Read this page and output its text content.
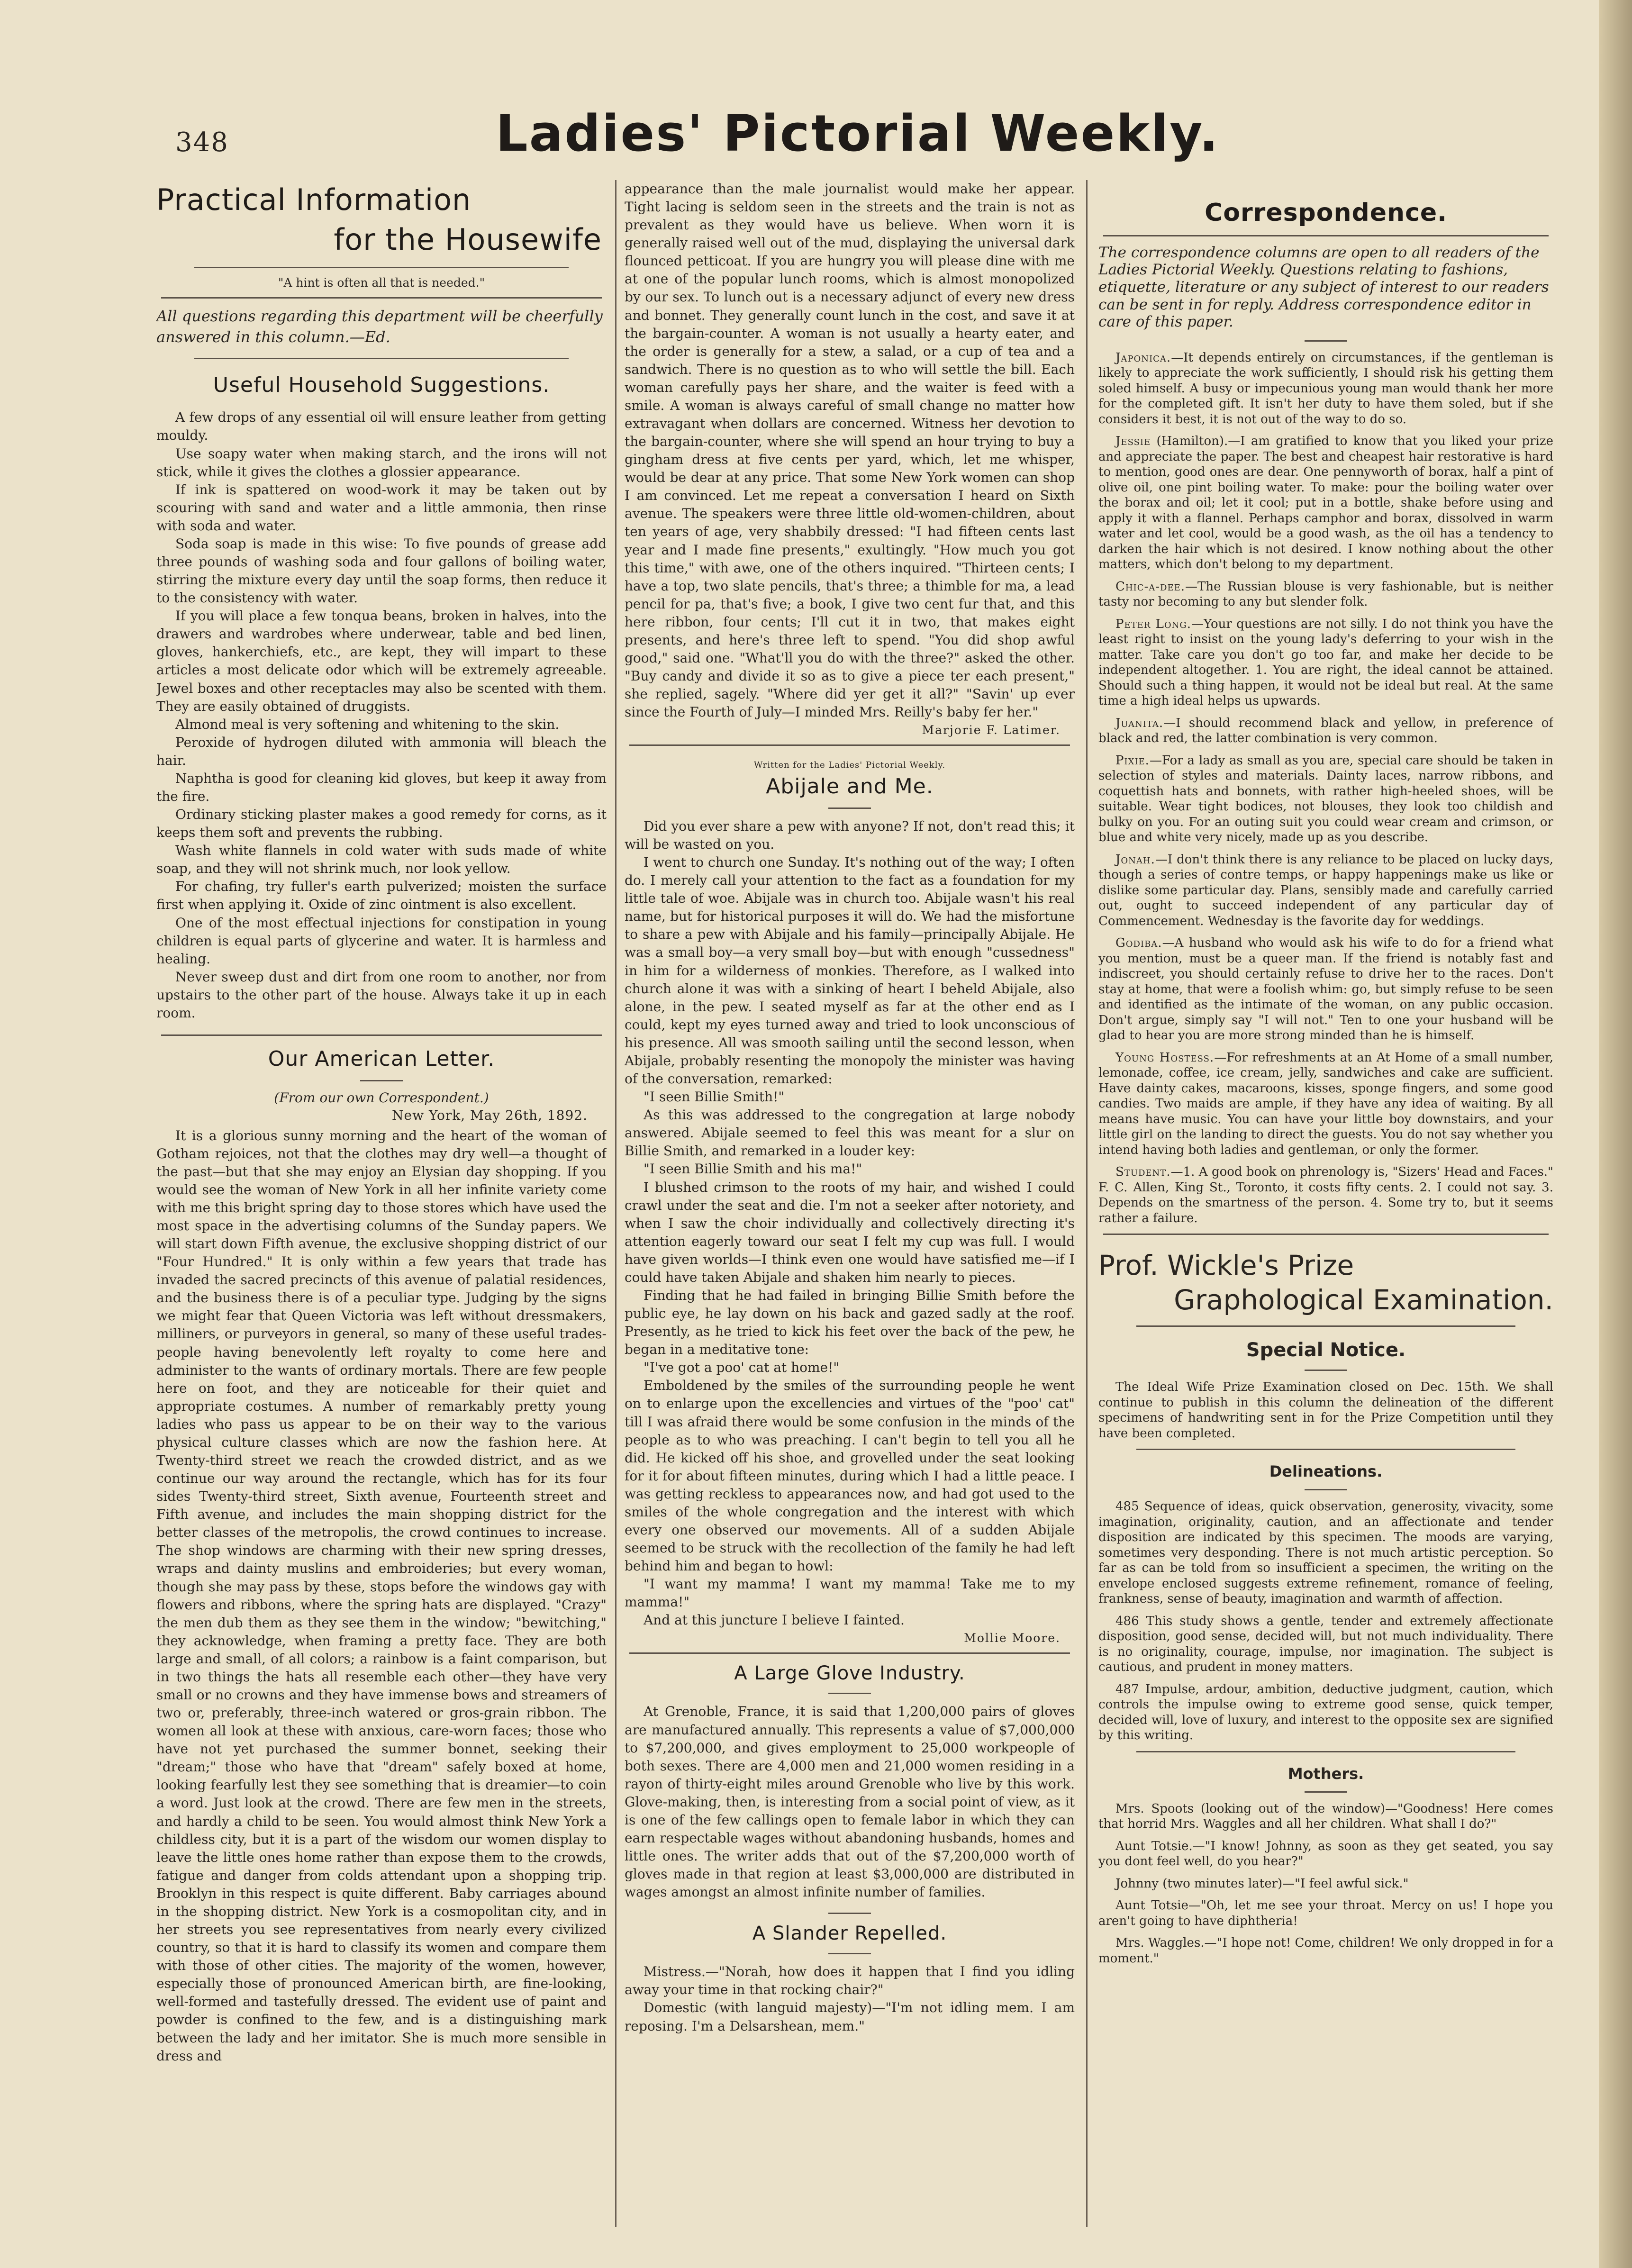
348	Ladies' Pictorial Weekly.
Practical Information
for the Housewife
"A hint is often all that is needed."
All questions regarding this department will be cheerfully answered in this column.—Ed.
Useful Household Suggestions.

A few drops of any essential oil will ensure leather from getting mouldy.

Use soapy water when making starch, and the irons will not stick, while it gives the clothes a glossier appearance.

If ink is spattered on wood-work it may be taken out by scouring with sand and water and a little ammonia, then rinse with soda and water.

Soda soap is made in this wise: To five pounds of grease add three pounds of washing soda and four gallons of boiling water, stirring the mixture every day until the soap forms, then reduce it to the consistency with water.

If you will place a few tonqua beans, broken in halves, into the drawers and wardrobes where underwear, table and bed linen, gloves, hankerchiefs, etc., are kept, they will impart to these articles a most delicate odor which will be extremely agreeable. Jewel boxes and other receptacles may also be scented with them. They are easily obtained of druggists.

Almond meal is very softening and whitening to the skin.

Peroxide of hydrogen diluted with ammonia will bleach the hair.

Naphtha is good for cleaning kid gloves, but keep it away from the fire.

Ordinary sticking plaster makes a good remedy for corns, as it keeps them soft and prevents the rubbing.

Wash white flannels in cold water with suds made of white soap, and they will not shrink much, nor look yellow.

For chafing, try fuller's earth pulverized; moisten the surface first when applying it. Oxide of zinc ointment is also excellent.

One of the most effectual injections for constipation in young children is equal parts of glycerine and water. It is harmless and healing.

Never sweep dust and dirt from one room to another, nor from upstairs to the other part of the house. Always take it up in each room.

Our American Letter.
(From our own Correspondent.)
New York, May 26th, 1892.

It is a glorious sunny morning and the heart of the woman of Gotham rejoices, not that the clothes may dry well—a thought of the past—but that she may enjoy an Elysian day shopping. If you would see the woman of New York in all her infinite variety come with me this bright spring day to those stores which have used the most space in the advertising columns of the Sunday papers. We will start down Fifth avenue, the exclusive shopping district of our "Four Hundred." It is only within a few years that trade has invaded the sacred precincts of this avenue of palatial residences, and the business there is of a peculiar type. Judging by the signs we might fear that Queen Victoria was left without dressmakers, milliners, or purveyors in general, so many of these useful trades-people having benevolently left royalty to come here and administer to the wants of ordinary mortals. There are few people here on foot, and they are noticeable for their quiet and appropriate costumes. A number of remarkably pretty young ladies who pass us appear to be on their way to the various physical culture classes which are now the fashion here. At Twenty-third street we reach the crowded district, and as we continue our way around the rectangle, which has for its four sides Twenty-third street, Sixth avenue, Fourteenth street and Fifth avenue, and includes the main shopping district for the better classes of the metropolis, the crowd continues to increase. The shop windows are charming with their new spring dresses, wraps and dainty muslins and embroideries; but every woman, though she may pass by these, stops before the windows gay with flowers and ribbons, where the spring hats are displayed. "Crazy" the men dub them as they see them in the window; "bewitching," they acknowledge, when framing a pretty face. They are both large and small, of all colors; a rainbow is a faint comparison, but in two things the hats all resemble each other—they have very small or no crowns and they have immense bows and streamers of two or, preferably, three-inch watered or gros-grain ribbon. The women all look at these with anxious, care-worn faces; those who have not yet purchased the summer bonnet, seeking their "dream;" those who have that "dream" safely boxed at home, looking fearfully lest they see something that is dreamier—to coin a word. Just look at the crowd. There are few men in the streets, and hardly a child to be seen. You would almost think New York a childless city, but it is a part of the wisdom our women display to leave the little ones home rather than expose them to the crowds, fatigue and danger from colds attendant upon a shopping trip. Brooklyn in this respect is quite different. Baby carriages abound in the shopping district. New York is a cosmopolitan city, and in her streets you see representatives from nearly every civilized country, so that it is hard to classify its women and compare them with those of other cities. The majority of the women, however, especially those of pronounced American birth, are fine-looking, well-formed and tastefully dressed. The evident use of paint and powder is confined to the few, and is a distinguishing mark between the lady and her imitator. She is much more sensible in dress and

appearance than the male journalist would make her appear. Tight lacing is seldom seen in the streets and the train is not as prevalent as they would have us believe. When worn it is generally raised well out of the mud, displaying the universal dark flounced petticoat. If you are hungry you will please dine with me at one of the popular lunch rooms, which is almost monopolized by our sex. To lunch out is a necessary adjunct of every new dress and bonnet. They generally count lunch in the cost, and save it at the bargain-counter. A woman is not usually a hearty eater, and the order is generally for a stew, a salad, or a cup of tea and a sandwich. There is no question as to who will settle the bill. Each woman carefully pays her share, and the waiter is feed with a smile. A woman is always careful of small change no matter how extravagant when dollars are concerned. Witness her devotion to the bargain-counter, where she will spend an hour trying to buy a gingham dress at five cents per yard, which, let me whisper, would be dear at any price. That some New York women can shop I am convinced. Let me repeat a conversation I heard on Sixth avenue. The speakers were three little old-women-children, about ten years of age, very shabbily dressed: "I had fifteen cents last year and I made fine presents," exultingly. "How much you got this time," with awe, one of the others inquired. "Thirteen cents; I have a top, two slate pencils, that's three; a thimble for ma, a lead pencil for pa, that's five; a book, I give two cent fur that, and this here ribbon, four cents; I'll cut it in two, that makes eight presents, and here's three left to spend. "You did shop awful good," said one. "What'll you do with the three?" asked the other. "Buy candy and divide it so as to give a piece ter each present," she replied, sagely. "Where did yer get it all?" "Savin' up ever since the Fourth of July—I minded Mrs. Reilly's baby fer her."

Marjorie F. Latimer.
Written for the Ladies' Pictorial Weekly.
Abijale and Me.

Did you ever share a pew with anyone? If not, don't read this; it will be wasted on you.

I went to church one Sunday. It's nothing out of the way; I often do. I merely call your attention to the fact as a foundation for my little tale of woe. Abijale was in church too. Abijale wasn't his real name, but for historical purposes it will do. We had the misfortune to share a pew with Abijale and his family—principally Abijale. He was a small boy—a very small boy—but with enough "cussedness" in him for a wilderness of monkies. Therefore, as I walked into church alone it was with a sinking of heart I beheld Abijale, also alone, in the pew. I seated myself as far at the other end as I could, kept my eyes turned away and tried to look unconscious of his presence. All was smooth sailing until the second lesson, when Abijale, probably resenting the monopoly the minister was having of the conversation, remarked:

"I seen Billie Smith!"

As this was addressed to the congregation at large nobody answered. Abijale seemed to feel this was meant for a slur on Billie Smith, and remarked in a louder key:

"I seen Billie Smith and his ma!"

I blushed crimson to the roots of my hair, and wished I could crawl under the seat and die. I'm not a seeker after notoriety, and when I saw the choir individually and collectively directing it's attention eagerly toward our seat I felt my cup was full. I would have given worlds—I think even one would have satisfied me—if I could have taken Abijale and shaken him nearly to pieces.

Finding that he had failed in bringing Billie Smith before the public eye, he lay down on his back and gazed sadly at the roof. Presently, as he tried to kick his feet over the back of the pew, he began in a meditative tone:

"I've got a poo' cat at home!"

Emboldened by the smiles of the surrounding people he went on to enlarge upon the excellencies and virtues of the "poo' cat" till I was afraid there would be some confusion in the minds of the people as to who was preaching. I can't begin to tell you all he did. He kicked off his shoe, and grovelled under the seat looking for it for about fifteen minutes, during which I had a little peace. I was getting reckless to appearances now, and had got used to the smiles of the whole congregation and the interest with which every one observed our movements. All of a sudden Abijale seemed to be struck with the recollection of the family he had left behind him and began to howl:

"I want my mamma! I want my mamma! Take me to my mamma!"

And at this juncture I believe I fainted.

Mollie Moore.
A Large Glove Industry.

At Grenoble, France, it is said that 1,200,000 pairs of gloves are manufactured annually. This represents a value of $7,000,000 to $7,200,000, and gives employment to 25,000 workpeople of both sexes. There are 4,000 men and 21,000 women residing in a rayon of thirty-eight miles around Grenoble who live by this work. Glove-making, then, is interesting from a social point of view, as it is one of the few callings open to female labor in which they can earn respectable wages without abandoning husbands, homes and little ones. The writer adds that out of the $7,200,000 worth of gloves made in that region at least $3,000,000 are distributed in wages amongst an almost infinite number of families.

A Slander Repelled.

Mistress.—"Norah, how does it happen that I find you idling away your time in that rocking chair?"

Domestic (with languid majesty)—"I'm not idling mem. I am reposing. I'm a Delsarshean, mem."

Correspondence.
The correspondence columns are open to all readers of the Ladies Pictorial Weekly. Questions relating to fashions, etiquette, literature or any subject of interest to our readers can be sent in for reply. Address correspondence editor in care of this paper.

Japonica.—It depends entirely on circumstances, if the gentleman is likely to appreciate the work sufficiently, I should risk his getting them soled himself. A busy or impecunious young man would thank her more for the completed gift. It isn't her duty to have them soled, but if she considers it best, it is not out of the way to do so.

Jessie (Hamilton).—I am gratified to know that you liked your prize and appreciate the paper. The best and cheapest hair restorative is hard to mention, good ones are dear. One pennyworth of borax, half a pint of olive oil, one pint boiling water. To make: pour the boiling water over the borax and oil; let it cool; put in a bottle, shake before using and apply it with a flannel. Perhaps camphor and borax, dissolved in warm water and let cool, would be a good wash, as the oil has a tendency to darken the hair which is not desired. I know nothing about the other matters, which don't belong to my department.

Chic-a-dee.—The Russian blouse is very fashionable, but is neither tasty nor becoming to any but slender folk.

Peter Long.—Your questions are not silly. I do not think you have the least right to insist on the young lady's deferring to your wish in the matter. Take care you don't go too far, and make her decide to be independent altogether. 1. You are right, the ideal cannot be attained. Should such a thing happen, it would not be ideal but real. At the same time a high ideal helps us upwards.

Juanita.—I should recommend black and yellow, in preference of black and red, the latter combination is very common.

Pixie.—For a lady as small as you are, special care should be taken in selection of styles and materials. Dainty laces, narrow ribbons, and coquettish hats and bonnets, with rather high-heeled shoes, will be suitable. Wear tight bodices, not blouses, they look too childish and bulky on you. For an outing suit you could wear cream and crimson, or blue and white very nicely, made up as you describe.

Jonah.—I don't think there is any reliance to be placed on lucky days, though a series of contre temps, or happy happenings make us like or dislike some particular day. Plans, sensibly made and carefully carried out, ought to succeed independent of any particular day of Commencement. Wednesday is the favorite day for weddings.

Godiba.—A husband who would ask his wife to do for a friend what you mention, must be a queer man. If the friend is notably fast and indiscreet, you should certainly refuse to drive her to the races. Don't stay at home, that were a foolish whim: go, but simply refuse to be seen and identified as the intimate of the woman, on any public occasion. Don't argue, simply say "I will not." Ten to one your husband will be glad to hear you are more strong minded than he is himself.

Young Hostess.—For refreshments at an At Home of a small number, lemonade, coffee, ice cream, jelly, sandwiches and cake are sufficient. Have dainty cakes, macaroons, kisses, sponge fingers, and some good candies. Two maids are ample, if they have any idea of waiting. By all means have music. You can have your little boy downstairs, and your little girl on the landing to direct the guests. You do not say whether you intend having both ladies and gentleman, or only the former.

Student.—1. A good book on phrenology is, "Sizers' Head and Faces." F. C. Allen, King St., Toronto, it costs fifty cents. 2. I could not say. 3. Depends on the smartness of the person. 4. Some try to, but it seems rather a failure.

Prof. Wickle's Prize
Graphological Examination.
Special Notice.

The Ideal Wife Prize Examination closed on Dec. 15th. We shall continue to publish in this column the delineation of the different specimens of handwriting sent in for the Prize Competition until they have been completed.

Delineations.

485 Sequence of ideas, quick observation, generosity, vivacity, some imagination, originality, caution, and an affectionate and tender disposition are indicated by this specimen. The moods are varying, sometimes very desponding. There is not much artistic perception. So far as can be told from so insufficient a specimen, the writing on the envelope enclosed suggests extreme refinement, romance of feeling, frankness, sense of beauty, imagination and warmth of affection.

486 This study shows a gentle, tender and extremely affectionate disposition, good sense, decided will, but not much individuality. There is no originality, courage, impulse, nor imagination. The subject is cautious, and prudent in money matters.

487 Impulse, ardour, ambition, deductive judgment, caution, which controls the impulse owing to extreme good sense, quick temper, decided will, love of luxury, and interest to the opposite sex are signified by this writing.

Mothers.

Mrs. Spoots (looking out of the window)—"Goodness! Here comes that horrid Mrs. Waggles and all her children. What shall I do?"

Aunt Totsie.—"I know! Johnny, as soon as they get seated, you say you dont feel well, do you hear?"

Johnny (two minutes later)—"I feel awful sick."

Aunt Totsie—"Oh, let me see your throat. Mercy on us! I hope you aren't going to have diphtheria!

Mrs. Waggles.—"I hope not! Come, children! We only dropped in for a moment."
